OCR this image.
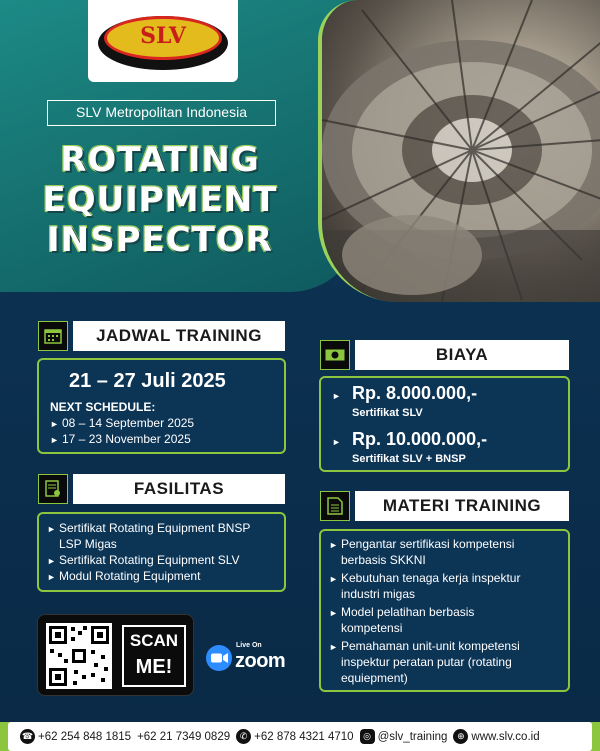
SLV
SLV Metropolitan Indonesia
ROTATING
EQUIPMENT
INSPECTOR
JADWAL TRAINING
21 – 27 Juli 2025
NEXT SCHEDULE:
► 08 – 14 September 2025
► 17 – 23 November 2025
BIAYA
► Rp. 8.000.000,-
Sertifikat SLV
► Rp. 10.000.000,-
Sertifikat SLV + BNSP
FASILITAS
► Sertifikat Rotating Equipment BNSP
LSP Migas
► Sertifikat Rotating Equipment SLV
► Modul Rotating Equipment
MATERI TRAINING
► Pengantar sertifikasi kompetensi
berbasis SKKNI
► Kebutuhan tenaga kerja inspektur
industri migas
► Model pelatihan berbasis
kompetensi
► Pemahaman unit-unit kompetensi
inspektur peratan putar (rotating
equiepment)
SCAN
ME!
Live On
zoom
☎ +62 254 848 1815 +62 21 7349 0829	✆ +62 878 4321 4710	◎ @slv_training	⊕ www.slv.co.id
